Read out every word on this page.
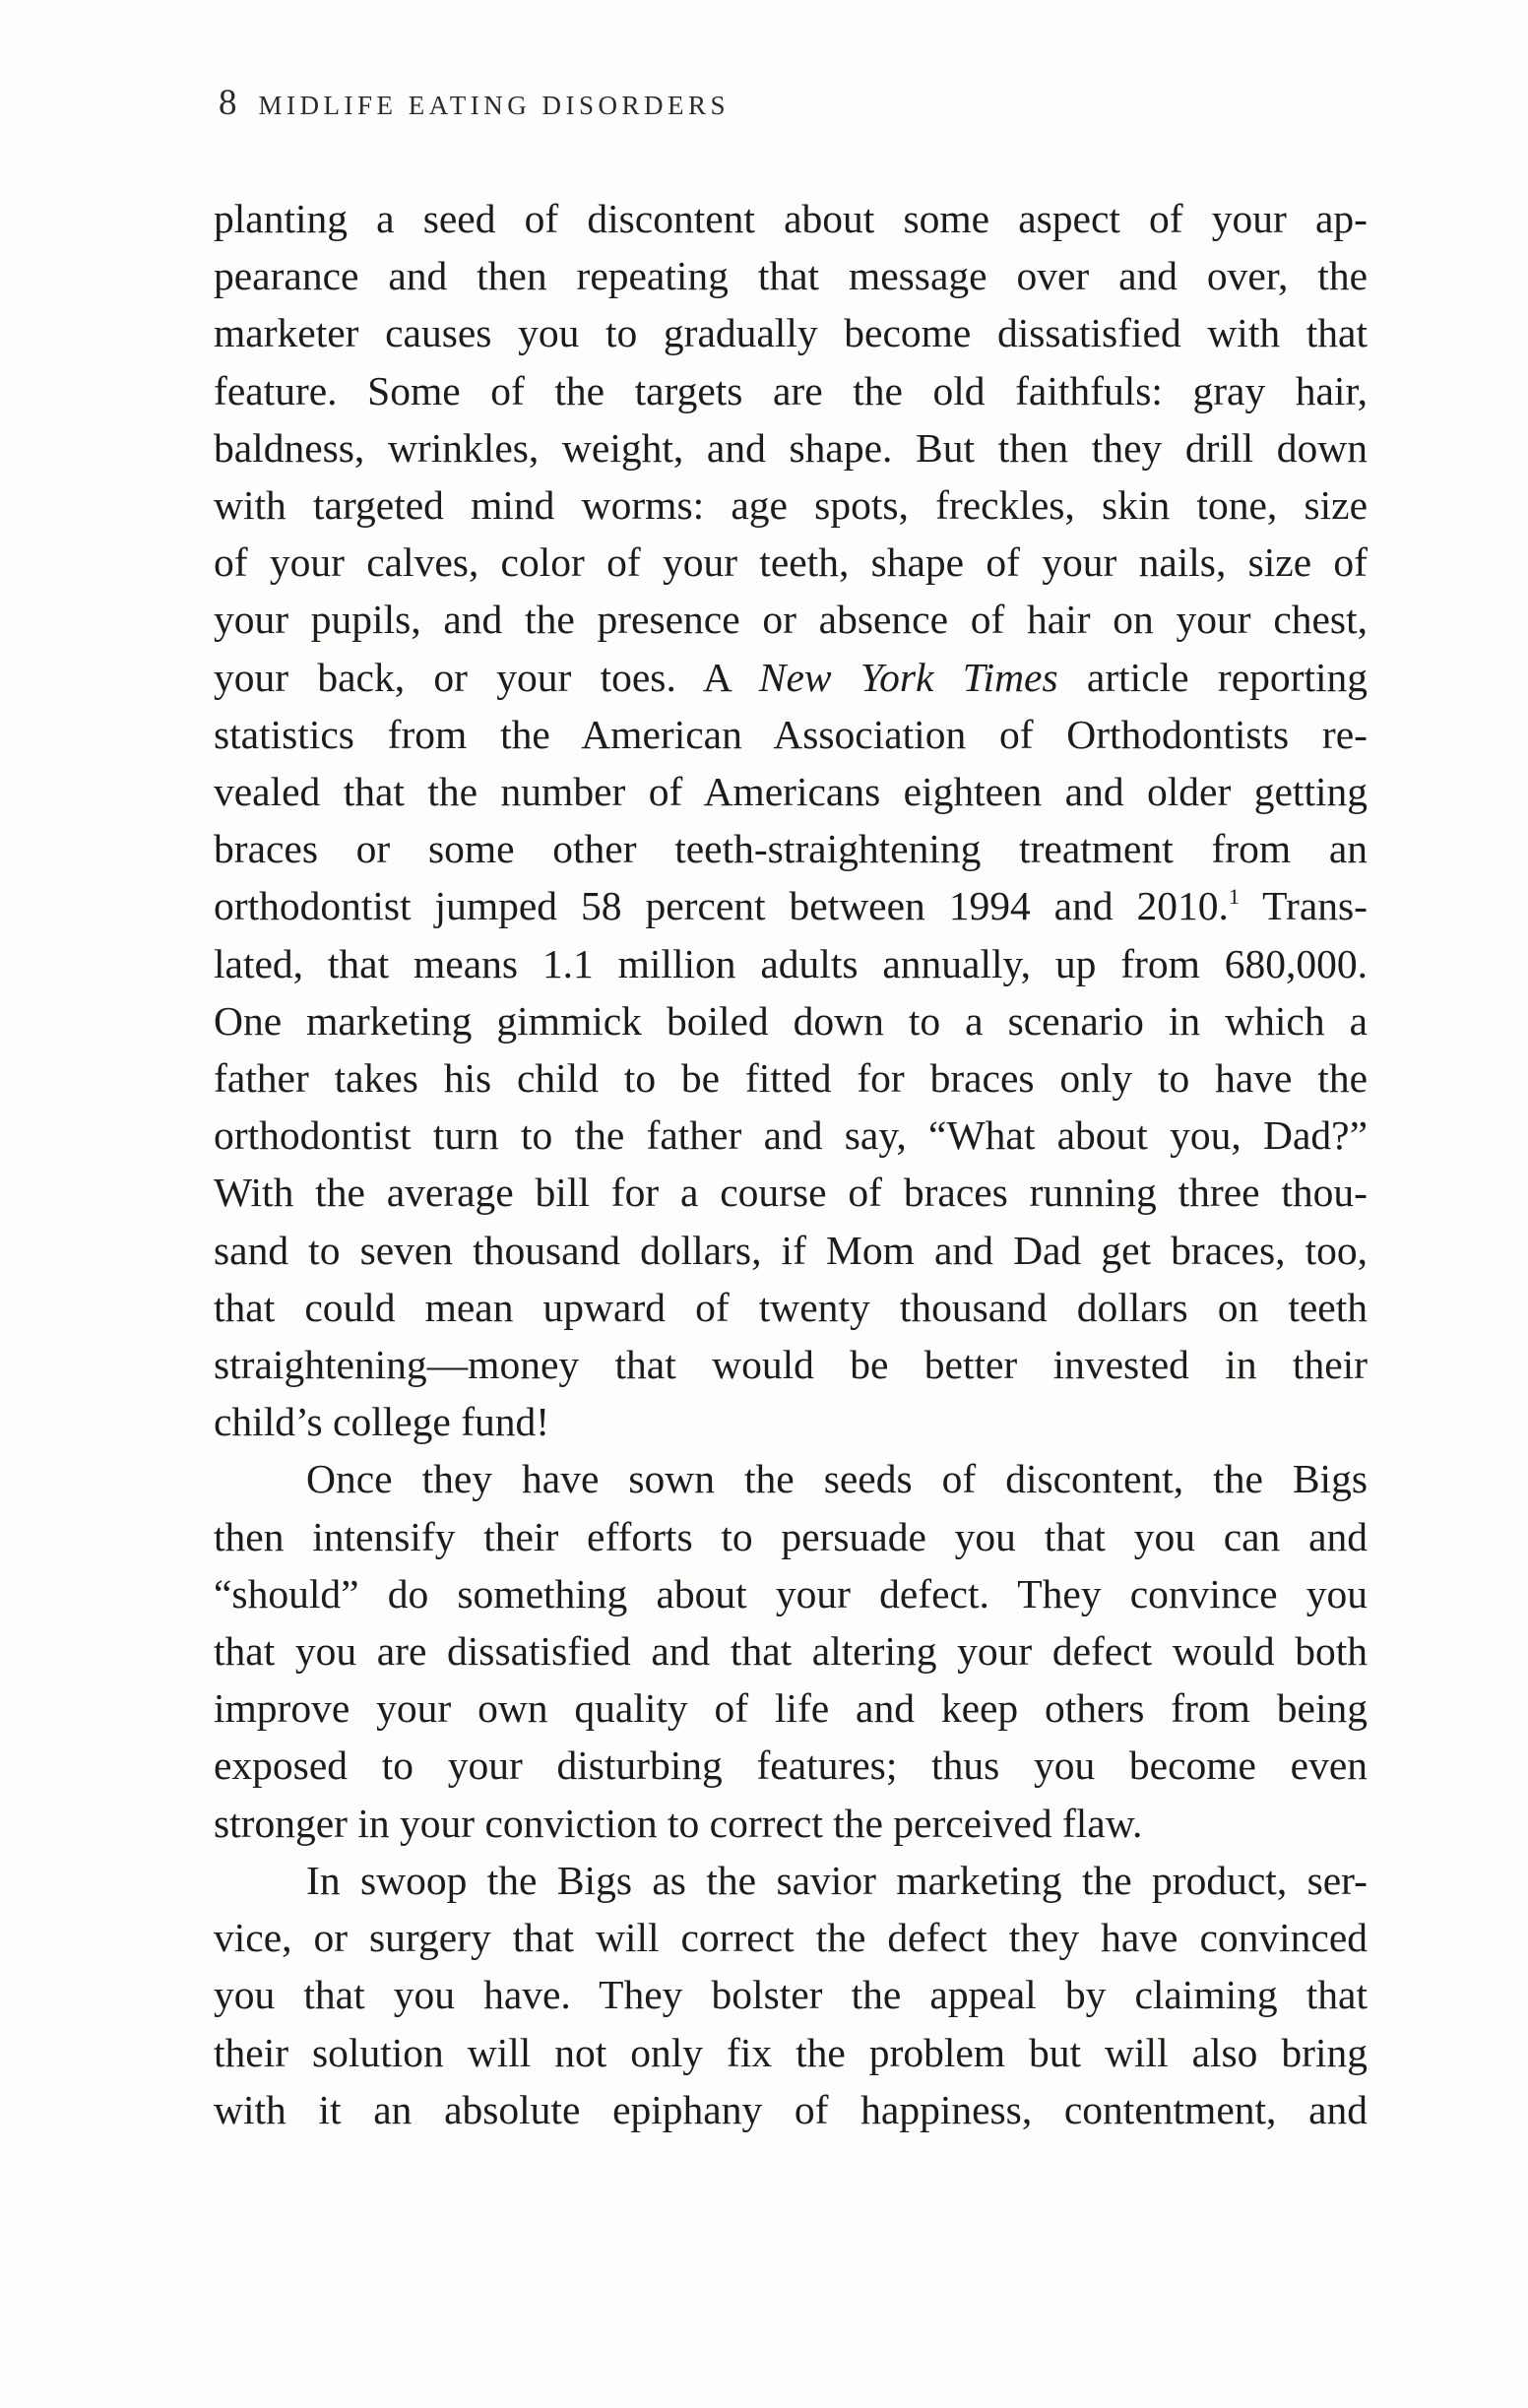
8 MIDLIFE EATING DISORDERS

planting a seed of discontent about some aspect of your ap-
pearance and then repeating that message over and over, the
marketer causes you to gradually become dissatisfied with that
feature. Some of the targets are the old faithfuls: gray hair,
baldness, wrinkles, weight, and shape. But then they drill down
with targeted mind worms: age spots, freckles, skin tone, size
of your calves, color of your teeth, shape of your nails, size of
your pupils, and the presence or absence of hair on your chest,
your back, or your toes. A New York Times article reporting
statistics from the American Association of Orthodontists re-
vealed that the number of Americans eighteen and older getting
braces or some other teeth-straightening treatment from an
orthodontist jumped 58 percent between 1994 and 2010.$^1$ Trans-
lated, that means 1.1 million adults annually, up from 680,000.
One marketing gimmick boiled down to a scenario in which a
father takes his child to be fitted for braces only to have the
orthodontist turn to the father and say, “What about you, Dad?”
With the average bill for a course of braces running three thou-
sand to seven thousand dollars, if Mom and Dad get braces, too,
that could mean upward of twenty thousand dollars on teeth
straightening—money that would be better invested in their
child’s college fund!

Once they have sown the seeds of discontent, the Bigs
then intensify their efforts to persuade you that you can and
“should” do something about your defect. They convince you
that you are dissatisfied and that altering your defect would both
improve your own quality of life and keep others from being
exposed to your disturbing features; thus you become even
stronger in your conviction to correct the perceived flaw.

In swoop the Bigs as the savior marketing the product, ser-
vice, or surgery that will correct the defect they have convinced
you that you have. They bolster the appeal by claiming that
their solution will not only fix the problem but will also bring
with it an absolute epiphany of happiness, contentment, and
